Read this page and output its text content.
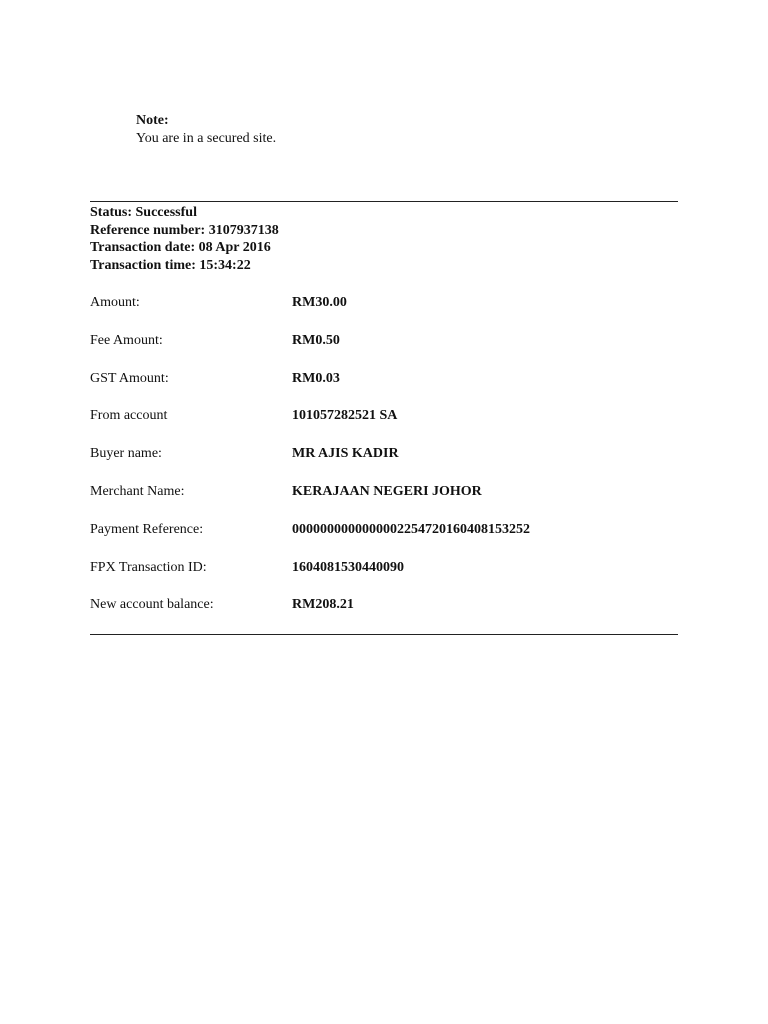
Note:
You are in a secured site.
Status: Successful
Reference number: 3107937138
Transaction date: 08 Apr 2016
Transaction time: 15:34:22
Amount:	RM30.00
Fee Amount:	RM0.50
GST Amount:	RM0.03
From account	101057282521 SA
Buyer name:	MR AJIS KADIR
Merchant Name:	KERAJAAN NEGERI JOHOR
Payment Reference:	0000000000000002254720160408153252
FPX Transaction ID:	1604081530440090
New account balance:	RM208.21
